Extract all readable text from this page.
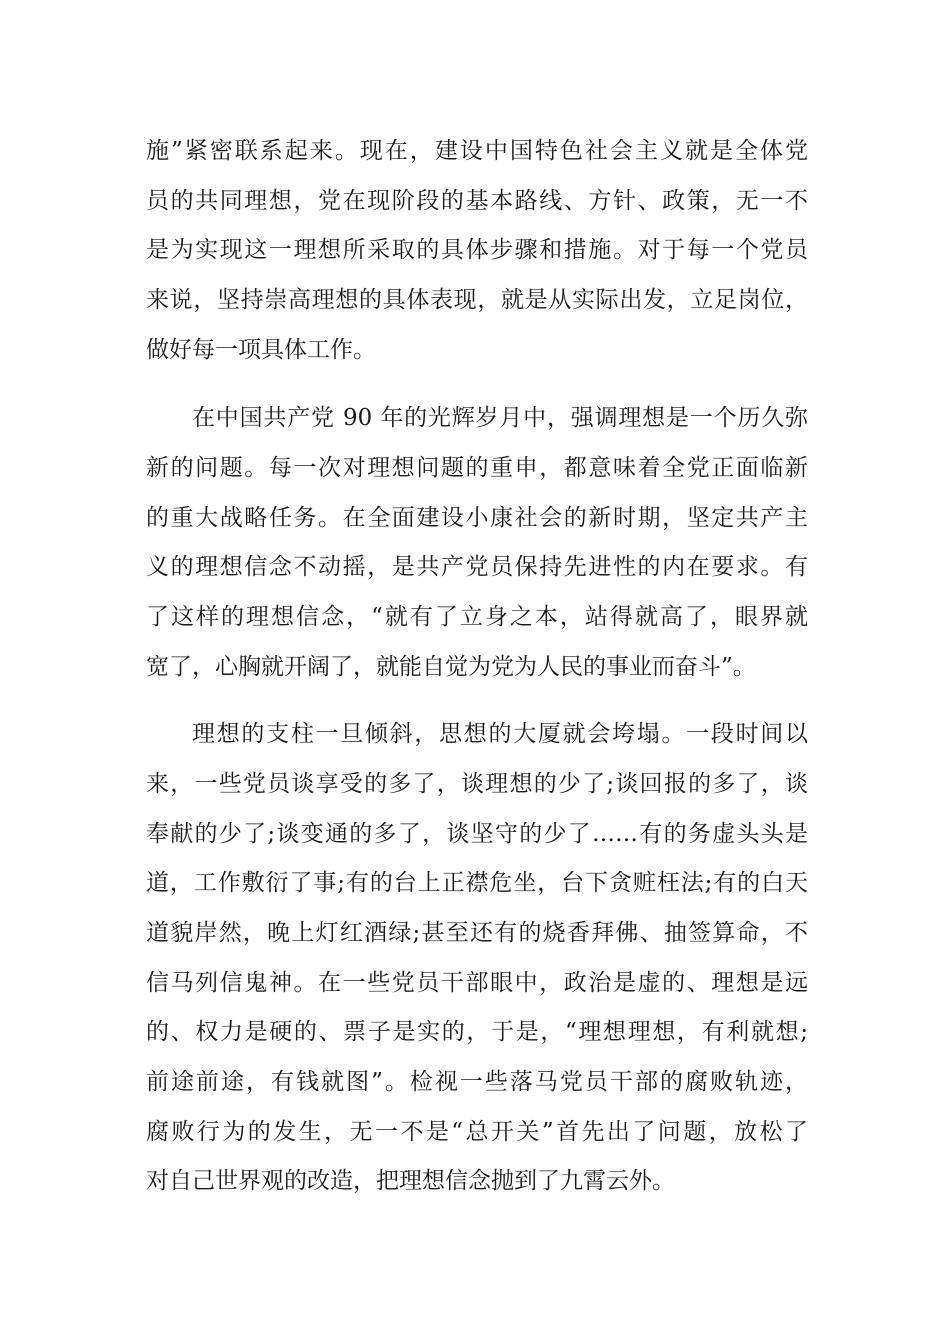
施”紧密联系起来。现在，建设中国特色社会主义就是全体党
员的共同理想，党在现阶段的基本路线、方针、政策，无一不
是为实现这一理想所采取的具体步骤和措施。对于每一个党员
来说，坚持崇高理想的具体表现，就是从实际出发，立足岗位，
做好每一项具体工作。
在中国共产党 90 年的光辉岁月中，强调理想是一个历久弥
新的问题。每一次对理想问题的重申，都意味着全党正面临新
的重大战略任务。在全面建设小康社会的新时期，坚定共产主
义的理想信念不动摇，是共产党员保持先进性的内在要求。有
了这样的理想信念，“就有了立身之本，站得就高了，眼界就
宽了，心胸就开阔了，就能自觉为党为人民的事业而奋斗”。
理想的支柱一旦倾斜，思想的大厦就会垮塌。一段时间以
来，一些党员谈享受的多了，谈理想的少了;谈回报的多了，谈
奉献的少了;谈变通的多了，谈坚守的少了……有的务虚头头是
道，工作敷衍了事;有的台上正襟危坐，台下贪赃枉法;有的白天
道貌岸然，晚上灯红酒绿;甚至还有的烧香拜佛、抽签算命，不
信马列信鬼神。在一些党员干部眼中，政治是虚的、理想是远
的、权力是硬的、票子是实的，于是，“理想理想，有利就想;
前途前途，有钱就图”。检视一些落马党员干部的腐败轨迹，
腐败行为的发生，无一不是“总开关”首先出了问题，放松了
对自己世界观的改造，把理想信念抛到了九霄云外。
